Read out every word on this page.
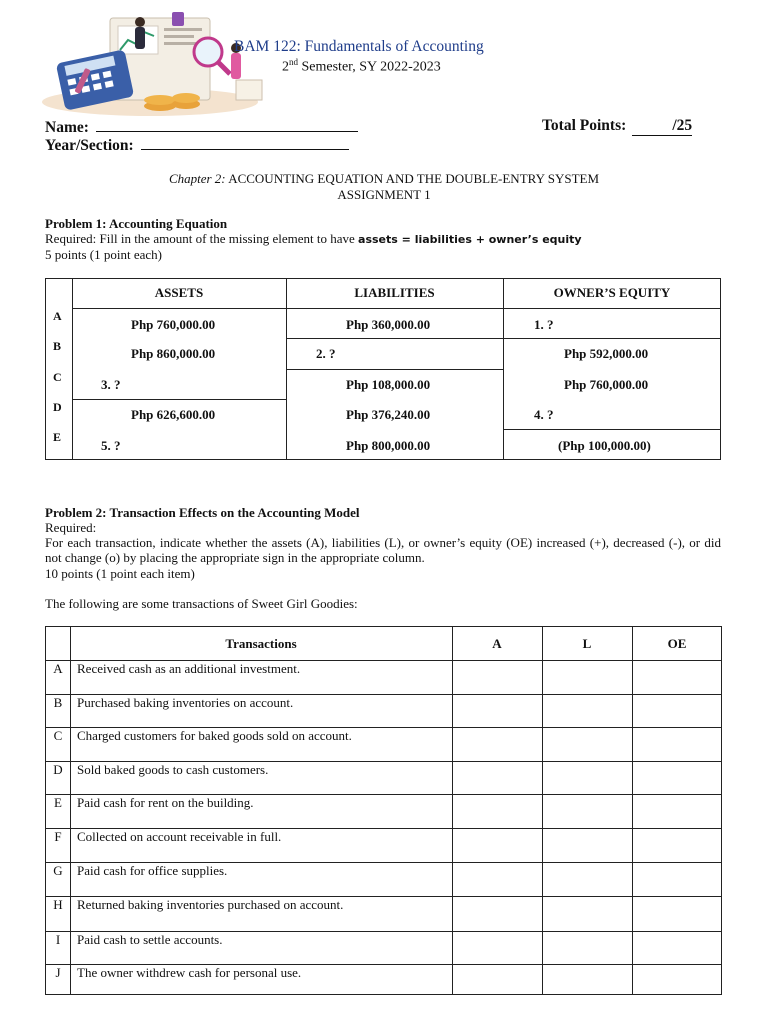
BAM 122: Fundamentals of Accounting
2nd Semester, SY 2022-2023
Name:
Year/Section:
Total Points:	/25
Chapter 2: ACCOUNTING EQUATION AND THE DOUBLE-ENTRY SYSTEM
ASSIGNMENT 1
Problem 1: Accounting Equation
Required: Fill in the amount of the missing element to have assets = liabilities + owner’s equity
5 points (1 point each)
ASSETS	LIABILITIES	OWNER’S EQUITY
A
B
C
D
E
Php 760,000.00	Php 360,000.00	1. ?
Php 860,000.00	2. ?	Php 592,000.00
3. ?	Php 108,000.00	Php 760,000.00
Php 626,600.00	Php 376,240.00	4. ?
5. ?	Php 800,000.00	(Php 100,000.00)
Problem 2: Transaction Effects on the Accounting Model
Required:
For each transaction, indicate whether the assets (A), liabilities (L), or owner’s equity (OE) increased (+), decreased (-), or did not change (o) by placing the appropriate sign in the appropriate column.
10 points (1 point each item)
The following are some transactions of Sweet Girl Goodies:
Transactions	A	L	OE
A	Received cash as an additional investment.
B	Purchased baking inventories on account.
C	Charged customers for baked goods sold on account.
D	Sold baked goods to cash customers.
E	Paid cash for rent on the building.
F	Collected on account receivable in full.
G	Paid cash for office supplies.
H	Returned baking inventories purchased on account.
I	Paid cash to settle accounts.
J	The owner withdrew cash for personal use.
